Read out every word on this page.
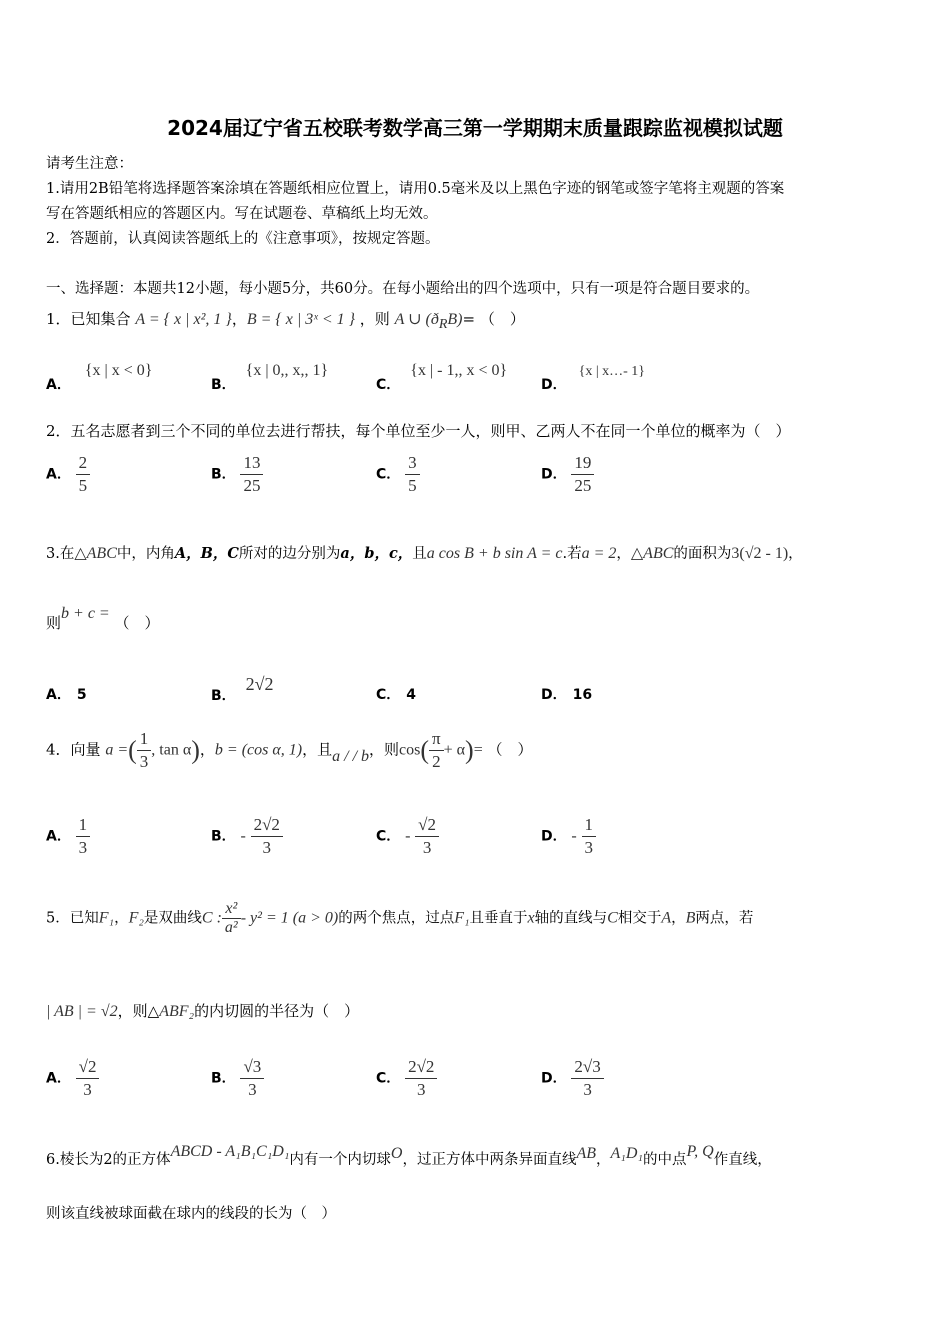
2024届辽宁省五校联考数学高三第一学期期末质量跟踪监视模拟试题
请考生注意：
1.请用2B铅笔将选择题答案涂填在答题纸相应位置上，请用0.5毫米及以上黑色字迹的钢笔或签字笔将主观题的答案
写在答题纸相应的答题区内。写在试题卷、草稿纸上均无效。
2．答题前，认真阅读答题纸上的《注意事项》，按规定答题。
一、选择题：本题共12小题，每小题5分，共60分。在每小题给出的四个选项中，只有一项是符合题目要求的。
1．已知集合 A = { x | x², 1 }，B = { x | 3ˣ < 1 } ，则 A ∪ $(ð_RB)=$ （　）
A．{x | x < 0}
B．{x | 0,, x,, 1}
C．{x | - 1,, x < 0}
D．{x | x…- 1}
2．五名志愿者到三个不同的单位去进行帮扶，每个单位至少一人，则甲、乙两人不在同一个单位的概率为（　）
A． $\frac{2}{5}$	B． $\frac{13}{25}$	C． $\frac{3}{5}$	D． $\frac{19}{25}$
3.在△ABC中，内角A，B，C所对的边分别为a，b，c，且a cos B + b sin A = c.若a = 2，△ABC的面积为3(√2 - 1)，
则b + c = （　）
A． 5	B．2√2
C． 4	D． 16
4．向量 a =( $\frac{1}{3}$ , tan α)，b = (cos α, 1)，且a / / b，则$\cos( \frac{\pi}{2} + \alpha)=$ （　）
A． $\frac{1}{3}$	B． - $\frac{2√2}{3}$	C． - $\frac{√2}{3}$	D． - $\frac{1}{3}$
5．已知F₁，F₂是双曲线C : $\frac{\text{x²}}{\text{a²}} - y^2 = 1$ (a > 0)的两个焦点，过点F₁且垂直于x轴的直线与C相交于A，B两点，若
| AB | = √2，则△ABF₂的内切圆的半径为（　）
A． $\frac{√2}{3}$	B． $\frac{√3}{3}$	C． $\frac{2√2}{3}$	D． $\frac{2√3}{3}$
6.棱长为2的正方体ABCD - A₁B₁C₁D₁内有一个内切球O，过正方体中两条异面直线AB，A₁D₁的中点P, Q作直线，
则该直线被球面截在球内的线段的长为（　）
